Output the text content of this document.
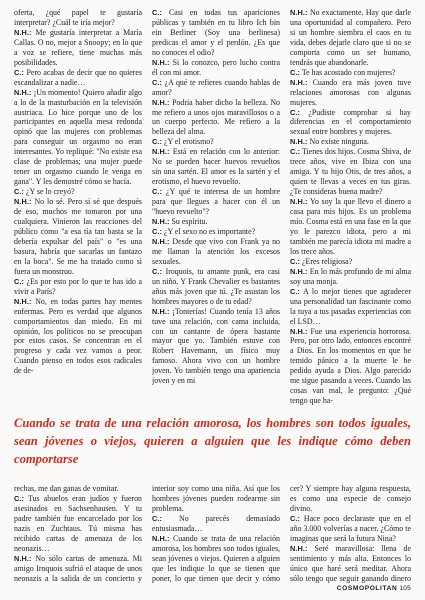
oferta, ¿qué papel te gustaría interpretar? ¿Cuál te iría mejor?

N.H.: Me gustaría interpretar a María Callas. O no, mejor a Snoopy; en lo que a voz se refiere, tiene muchas más posibilidades.

C.: Pero acabas de decir que no quieres escandalizar a nadie…

N.H.: ¡Un momento! Quiero añadir algo a lo de la masturbación en la televisión austriaca. Lo hice porque uno de los participantes en aquella mesa redonda opinó que las mujeres con problemas para conseguir un orgasmo no eran interesantes. Yo repliqué: "No existe esa clase de problemas; una mujer puede tener un orgasmo cuando le venga en gana". Y les demostré cómo se hacía.

C.: ¿Y se lo creyó?

N.H.: No lo sé. Pero sí sé que después de eso, muchos me tomaron por una cualquiera. Vinieron las reacciones del público como "a esa tía tan basta se la debería expulsar del país" o "es una basura, habría que sacarlas un fantazo en la boca". Se me ha tratado como si fuera un monstruo.

C.: ¿Es por esto por lo que te has ido a vivir a París?

N.H.: No, en todas partes hay mentes enfermas. Pero es verdad que algunos comportamientos dan miedo. En mi opinión, los políticos no se preocupan por estos casos. Se concentran en el progreso y cada vez vamos a peor. Cuando pienso en todos esos radicales de de-

C.: Casi en todas tus apariciones públicas y también en tu libro Ich bin ein Berliner (Soy una berlinesa) predicas el amor y el perdón. ¿Es que no conoces el odio?

N.H.: Si lo conozco, pero lucho contra él con mi amor.

C.: ¿A qué te refieres cuando hablas de amor?

N.H.: Podría haber dicho la belleza. No me refiero a unos ojos maravillosos o a un cuerpo perfecto. Me refiero a la belleza del alma.

C.: ¿Y el erotismo?

N.H.: Está en relación con lo anterior: No se pueden hacer huevos revueltos sin una sartén. El amor es la sartén y el erotismo, el huevo revuelto.

C.: ¿Y qué te interesa de un hombre para que llegues a hacer con él un "huevo revuelto"?

N.H.: Su espíritu.

C.: ¿Y el sexo no es importante?

N.H.: Desde que vivo con Frank ya no me llaman la atención los excesos sexuales.

C.: Iroquois, tu amante punk, era casi un niño. Y Frank Chevalier es bastantes años más joven que tú. ¿Te asustan los hombres mayores o de tu edad?

N.H.: ¡Tonterías! Cuando tenía 13 años tuve una relación, con cama incluida, con un cantante de ópera bastante mayor que yo. También estuve con Robert Havemann, un físico muy famoso. Ahora vivo con un hombre joven. Yo también tengo una apariencia joven y en mi

N.H.: No exactamente. Hay que darle una oportunidad al compañero. Pero si un hombre siembra el caos en tu vida, debes dejarle claro que si no se comporta como un ser humano, tendrás que abandonarle.

C.: Te has acostado con mujeres?

N.H.: Cuando era más joven tuve relaciones amorosas con algunas mujeres.

C.: ¿Pudiste comprobar si hay diferencias en el comportamiento sexual entre hombres y mujeres.

N.H.: No existe ninguna.

C.: Tienes dos hijos. Cosma Shiva, de trece años, vive en Ibiza con una amiga. Y tu hijo Otis, de tres años, a quien te llevas a veces en tus giras. ¿Te consideras buena madre?

N.H.: Yo soy la que llevo el dinero a casa para mis hijos. Es un problema mío. Cosma está en una fase en la que yo le parezco idiota, pero a mi también me parecía idiota mi madre a los trece años.

C.: ¿Eres religiosa?

N.H.: En lo más profundo de mi alma soy una monja.

C.: A lo mejor tienes que agradecer una personalidad tan fascinante como la tuya a tus pasadas experiencias con el LSD…

N.H.: Fue una experiencia horrorosa. Pero, por otro lado, entonces encontré a Dios. En los momentos en que he temido pánico a la muerte le he pedido ayuda a Dios. Algo parecido me sigue pasando a veces. Cuando las cosas van mal, le pregunto: ¿Qué tengo que ha-

Cuando se trata de una relación amorosa, los hombres son todos iguales, sean jóvenes o viejos, quieren a alguien que les indique cómo deben comportarse

rechas, me dan ganas de vomitar.

C.: Tus abuelos eran judíos y fueron asesinados en Sachsenhausen. Y tu padre también fue encarcelado por los nazis en Zuchtaus. Tú misma has recibido cartas de amenaza de los neonazis…

N.H.: No sólo cartas de amenaza. Mi amigo Iroquois sufrió el ataque de unos neonazis a la salida de un concierto y

interior soy como una niña. Así que los hombres jóvenes pueden rodearme sin problema.

C.: No parecés demasiado entusiasmada…

N.H.: Cuando se trata de una relación amorosa, los hombres son todos iguales, sean jóvenes o viejos. Quieren a alguien que les indique lo que se tienen que poner, lo que tienen que decir y cómo

cer? Y siempre hay alguna respuesta, es como una especie de consejo divino.

C.: Hace poco declaraste que en el año 3.000 volverías a nacer. ¿Cómo te imaginas que será la futura Nina?

N.H.: Seré maravillosa: llena de sentimiento y más alta. Entonces lo único que haré será meditar. Ahora sólo tengo que seguir ganando dinero

COSMOPOLITAN 105
